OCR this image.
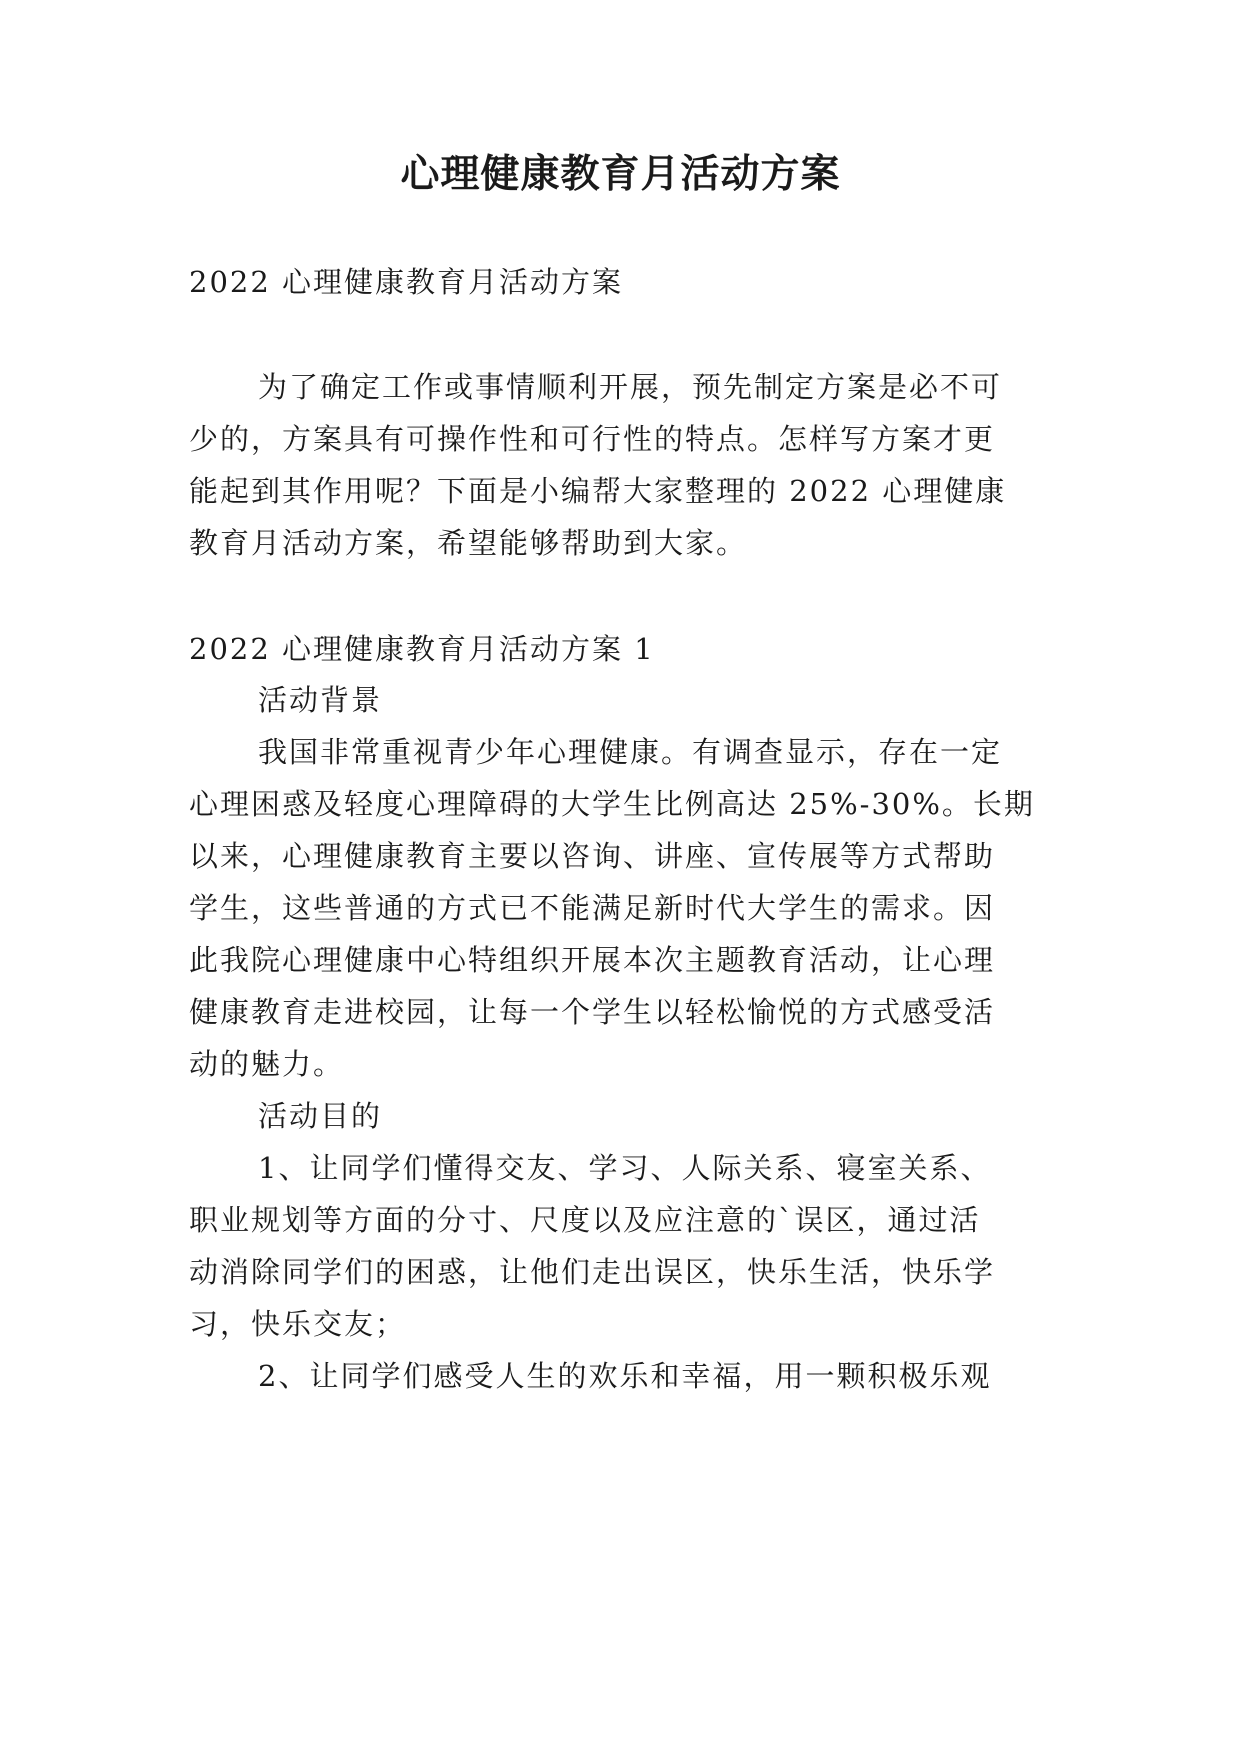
心理健康教育月活动方案

2022 心理健康教育月活动方案

为了确定工作或事情顺利开展，预先制定方案是必不可

少的，方案具有可操作性和可行性的特点。怎样写方案才更

能起到其作用呢？下面是小编帮大家整理的 2022 心理健康

教育月活动方案，希望能够帮助到大家。

2022 心理健康教育月活动方案 1

活动背景

我国非常重视青少年心理健康。有调查显示，存在一定

心理困惑及轻度心理障碍的大学生比例高达 25%-30%。长期

以来，心理健康教育主要以咨询、讲座、宣传展等方式帮助

学生，这些普通的方式已不能满足新时代大学生的需求。因

此我院心理健康中心特组织开展本次主题教育活动，让心理

健康教育走进校园，让每一个学生以轻松愉悦的方式感受活

动的魅力。

活动目的

1、让同学们懂得交友、学习、人际关系、寝室关系、

职业规划等方面的分寸、尺度以及应注意的`误区，通过活

动消除同学们的困惑，让他们走出误区，快乐生活，快乐学

习，快乐交友；

2、让同学们感受人生的欢乐和幸福，用一颗积极乐观
